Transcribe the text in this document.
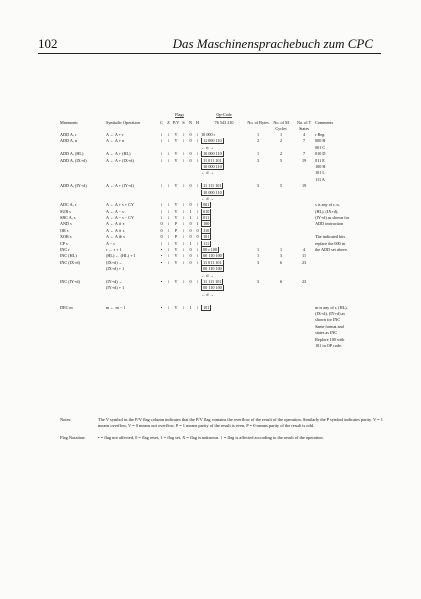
102	Das Maschinensprachebuch zum CPC
		Flags						Op-Code				
Mnemonic	Symbolic Operation	C	Z	P/V	S	N	H	76 543 210	No. of Bytes	No. of M Cycles	No. of T States	Comments
ADD A, r	A ← A + r	↕	↕	V	↕	0	↕	10 000 r	1	1	4	r Reg.
ADD A, n	A ← A + n	↕	↕	V	↕	0	↕	11 000 110	2	2	7	000 B
								← n →				001 C
ADD A, (HL)	A ← A + (HL)	↕	↕	V	↕	0	↕	10 000 110	1	2	7	010 D
ADD A, (IX+d)	A ← A + (IX+d)	↕	↕	V	↕	0	↕	11 011 101	3	5	19	011 E
								10 000 110				100 H
								← d →				101 L
												111 A
ADD A, (IY+d)	A ← A + (IY+d)	↕	↕	V	↕	0	↕	11 111 101	3	5	19	
								10 000 110				
								← d →				
ADC A, s	A ← A + s + CY	↕	↕	V	↕	0	↕	001				s is any of r, n,
SUB s	A ← A − s	↕	↕	V	↕	1	↕	010				(HL), (IX+d),
SBC A, s	A ← A − s − CY	↕	↕	V	↕	1	↕	011				(IY+d) as shown for
AND s	A ← A ∧ s	0	↕	P	↕	0	1	100				ADD instruction
OR s	A ← A ∨ s	0	↕	P	↕	0	0	110				
XOR s	A ← A ⊕ s	0	↕	P	↕	0	0	101				The indicated bits
CP s	A − s	↕	↕	V	↕	1	↕	111				replace the 000 in
INC r	r ← r + 1	•	↕	V	↕	0	↕	00 r 100	1	1	4	the ADD set above.
INC (HL)	(HL) ← (HL) + 1	•	↕	V	↕	0	↕	00 110 100	1	3	11	
INC (IX+d)	(IX+d) ←	•	↕	V	↕	0	↕	11 011 101	3	6	23	
	(IX+d) + 1							00 110 100				
								← d →				
INC (IY+d)	(IY+d) ←	•	↕	V	↕	0	↕	11 111 101	3	6	23	
	(IY+d) + 1							00 110 100				
								← d →				

DEC m	m ← m − 1	•	↕	V	↕	1	↕	101				m is any of r, (HL),
												(IX+d), (IY+d) as
												shown for INC
												Same format and
												states as INC
												Replace 100 with
												101 in OP code.
Notes:	The V symbol in the P/V flag column indicates that the P/V flag contains the overflow of the result of the operation. Similarly the P symbol indicates parity. V = 1 means overflow, V = 0 means not overflow. P = 1 means parity of the result is even, P = 0 means parity of the result is odd.
Flag Notation:	• = flag not affected, 0 = flag reset, 1 = flag set, X = flag is unknown. ↕ = flag is affected according to the result of the operation.
